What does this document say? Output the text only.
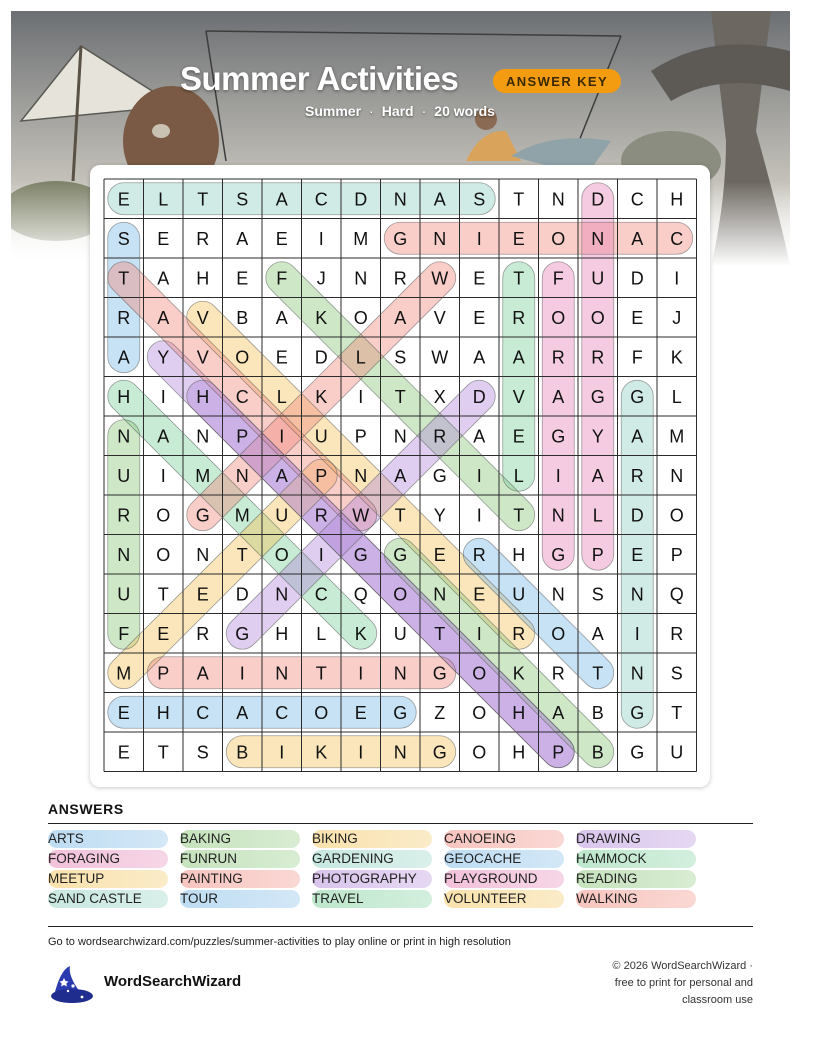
Summer Activities	ANSWER KEY
Summer · Hard · 20 words
E L T S A C D N A S T N D C H
S E R A E I M G N I E O N A C
T A H E F J N R W E T F U D I
R A V B A K O A V E R O O E J
A Y V O E D L S W A A R R F K
H I H C L K I T X D V A G G L
N A N P I U P N R A E G Y A M
U I M N A P N A G I L I A R N
R O G M U R W T Y I T N L D O
N O N T O I G G E R H G P E P
U T E D N C Q O N E U N S N Q
F E R G H L K U T I R O A I R
M P A I N T I N G O K R T N S
E H C A C O E G Z O H A B G T
E T S B I K I N G O H P B G U
ANSWERS
ARTS	BAKING	BIKING	CANOEING	DRAWING
FORAGING	FUNRUN	GARDENING	GEOCACHE	HAMMOCK
MEETUP	PAINTING	PHOTOGRAPHY	PLAYGROUND	READING
SAND CASTLE	TOUR	TRAVEL	VOLUNTEER	WALKING
Go to wordsearchwizard.com/puzzles/summer-activities to play online or print in high resolution
WordSearchWizard
© 2026 WordSearchWizard ·
free to print for personal and
classroom use
